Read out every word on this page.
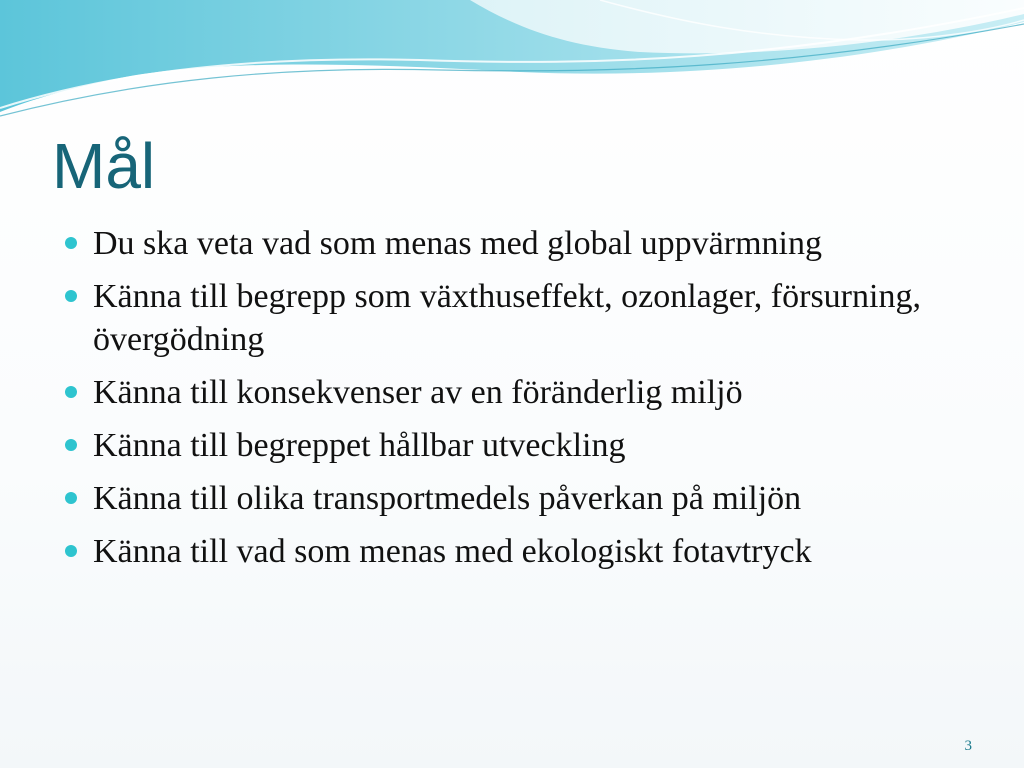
Mål
Du ska veta vad som menas med global uppvärmning
Känna till begrepp som växthuseffekt, ozonlager, försurning, övergödning
Känna till konsekvenser av en föränderlig miljö
Känna till begreppet hållbar utveckling
Känna till olika transportmedels påverkan på miljön
Känna till vad som menas med ekologiskt fotavtryck
3
